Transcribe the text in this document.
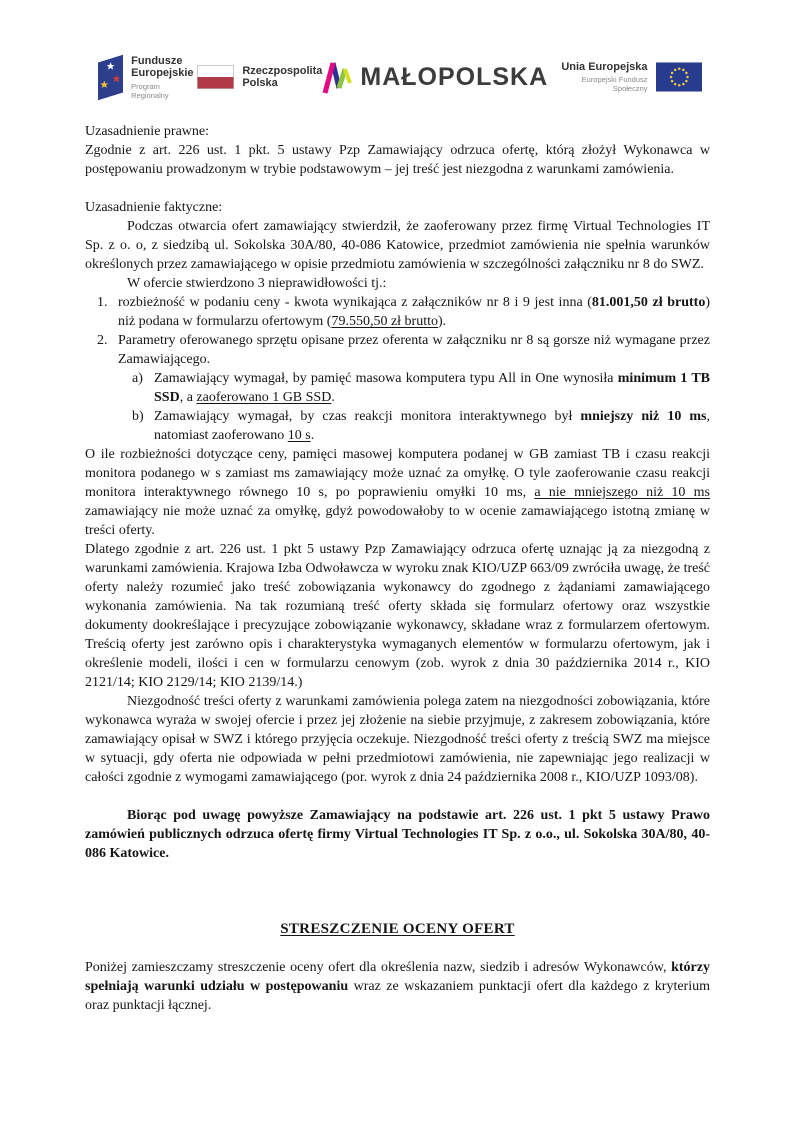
Fundusze
Europejskie
Program Regionalny
Rzeczpospolita
Polska	MAŁOPOLSKA	Unia Europejska
Europejski Fundusz Społeczny
Uzasadnienie prawne:
Zgodnie z art. 226 ust. 1 pkt. 5 ustawy Pzp Zamawiający odrzuca ofertę, którą złożył Wykonawca w postępowaniu prowadzonym w trybie podstawowym – jej treść jest niezgodna z warunkami zamówienia.
Uzasadnienie faktyczne:
Podczas otwarcia ofert zamawiający stwierdził, że zaoferowany przez firmę Virtual Technologies IT Sp. z o. o, z siedzibą ul. Sokolska 30A/80, 40-086 Katowice, przedmiot zamówienia nie spełnia warunków określonych przez zamawiającego w opisie przedmiotu zamówienia w szczególności załączniku nr 8 do SWZ.
W ofercie stwierdzono 3 nieprawidłowości tj.:
1. rozbieżność w podaniu ceny - kwota wynikająca z załączników nr 8 i 9 jest inna (81.001,50 zł brutto) niż podana w formularzu ofertowym (79.550,50 zł brutto).
2. Parametry oferowanego sprzętu opisane przez oferenta w załączniku nr 8 są gorsze niż wymagane przez Zamawiającego.
a) Zamawiający wymagał, by pamięć masowa komputera typu All in One wynosiła minimum 1 TB SSD, a zaoferowano 1 GB SSD.
b) Zamawiający wymagał, by czas reakcji monitora interaktywnego był mniejszy niż 10 ms, natomiast zaoferowano 10 s.
O ile rozbieżności dotyczące ceny, pamięci masowej komputera podanej w GB zamiast TB i czasu reakcji monitora podanego w s zamiast ms zamawiający może uznać za omyłkę. O tyle zaoferowanie czasu reakcji monitora interaktywnego równego 10 s, po poprawieniu omyłki 10 ms, a nie mniejszego niż 10 ms zamawiający nie może uznać za omyłkę, gdyż powodowałoby to w ocenie zamawiającego istotną zmianę w treści oferty.
Dlatego zgodnie z art. 226 ust. 1 pkt 5 ustawy Pzp Zamawiający odrzuca ofertę uznając ją za niezgodną z warunkami zamówienia. Krajowa Izba Odwoławcza w wyroku znak KIO/UZP 663/09 zwróciła uwagę, że treść oferty należy rozumieć jako treść zobowiązania wykonawcy do zgodnego z żądaniami zamawiającego wykonania zamówienia. Na tak rozumianą treść oferty składa się formularz ofertowy oraz wszystkie dokumenty dookreślające i precyzujące zobowiązanie wykonawcy, składane wraz z formularzem ofertowym. Treścią oferty jest zarówno opis i charakterystyka wymaganych elementów w formularzu ofertowym, jak i określenie modeli, ilości i cen w formularzu cenowym (zob. wyrok z dnia 30 października 2014 r., KIO 2121/14; KIO 2129/14; KIO 2139/14.)
Niezgodność treści oferty z warunkami zamówienia polega zatem na niezgodności zobowiązania, które wykonawca wyraża w swojej ofercie i przez jej złożenie na siebie przyjmuje, z zakresem zobowiązania, które zamawiający opisał w SWZ i którego przyjęcia oczekuje. Niezgodność treści oferty z treścią SWZ ma miejsce w sytuacji, gdy oferta nie odpowiada w pełni przedmiotowi zamówienia, nie zapewniając jego realizacji w całości zgodnie z wymogami zamawiającego (por. wyrok z dnia 24 października 2008 r., KIO/UZP 1093/08).
Biorąc pod uwagę powyższe Zamawiający na podstawie art. 226 ust. 1 pkt 5 ustawy Prawo zamówień publicznych odrzuca ofertę firmy Virtual Technologies IT Sp. z o.o., ul. Sokolska 30A/80, 40-086 Katowice.
STRESZCZENIE OCENY OFERT
Poniżej zamieszczamy streszczenie oceny ofert dla określenia nazw, siedzib i adresów Wykonawców, którzy spełniają warunki udziału w postępowaniu wraz ze wskazaniem punktacji ofert dla każdego z kryterium oraz punktacji łącznej.
